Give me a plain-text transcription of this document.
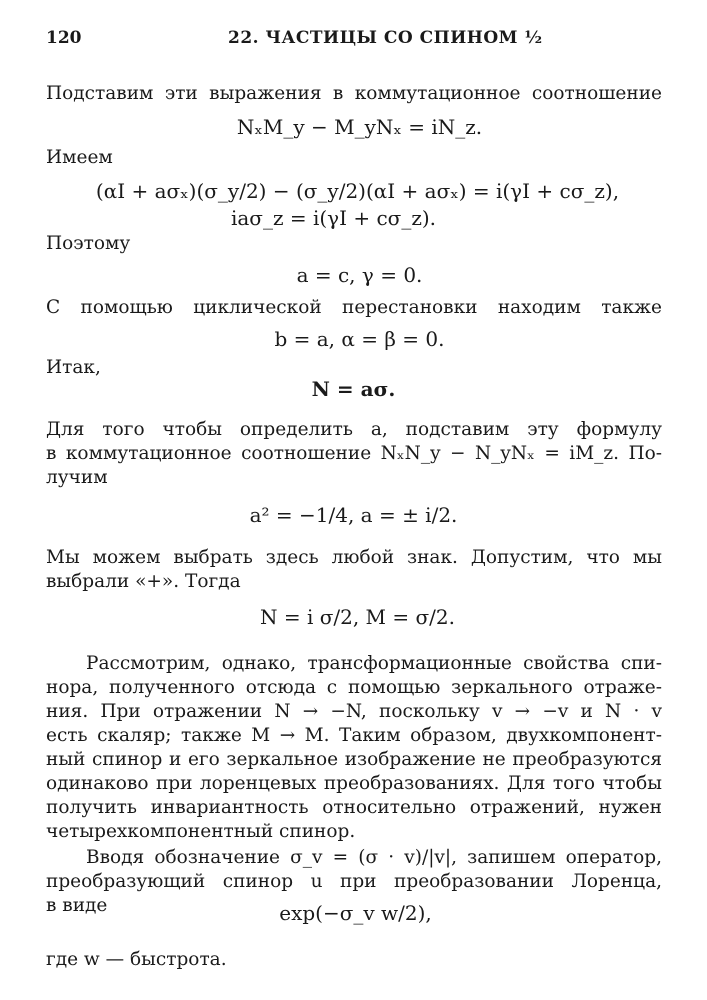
120	22. ЧАСТИЦЫ СО СПИНОМ ½
Подставим эти выражения в коммутационное соотношение
NₓM_y − M_yNₓ = iN_z.
Имеем
(αI + aσₓ)(σ_y/2) − (σ_y/2)(αI + aσₓ) = i(γI + cσ_z),
iaσ_z = i(γI + cσ_z).
Поэтому
a = c, γ = 0.
С помощью циклической перестановки находим также
b = a, α = β = 0.
Итак,
N = aσ.
Для того чтобы определить a, подставим эту формулу
в коммутационное соотношение NₓN_y − N_yNₓ = iM_z. По-
лучим
a² = −1/4, a = ± i/2.
Мы можем выбрать здесь любой знак. Допустим, что мы
выбрали «+». Тогда
N = i σ/2, M = σ/2.
Рассмотрим, однако, трансформационные свойства спи-
нора, полученного отсюда с помощью зеркального отраже-
ния. При отражении N → −N, поскольку v → −v и N · v
есть скаляр; также M → M. Таким образом, двухкомпонент-
ный спинор и его зеркальное изображение не преобразуются
одинаково при лоренцевых преобразованиях. Для того чтобы
получить инвариантность относительно отражений, нужен
четырехкомпонентный спинор.
Вводя обозначение σ_v = (σ · v)/|v|, запишем оператор,
преобразующий спинор u при преобразовании Лоренца,
в виде	exp(−σ_v w/2),
где w — быстрота.
